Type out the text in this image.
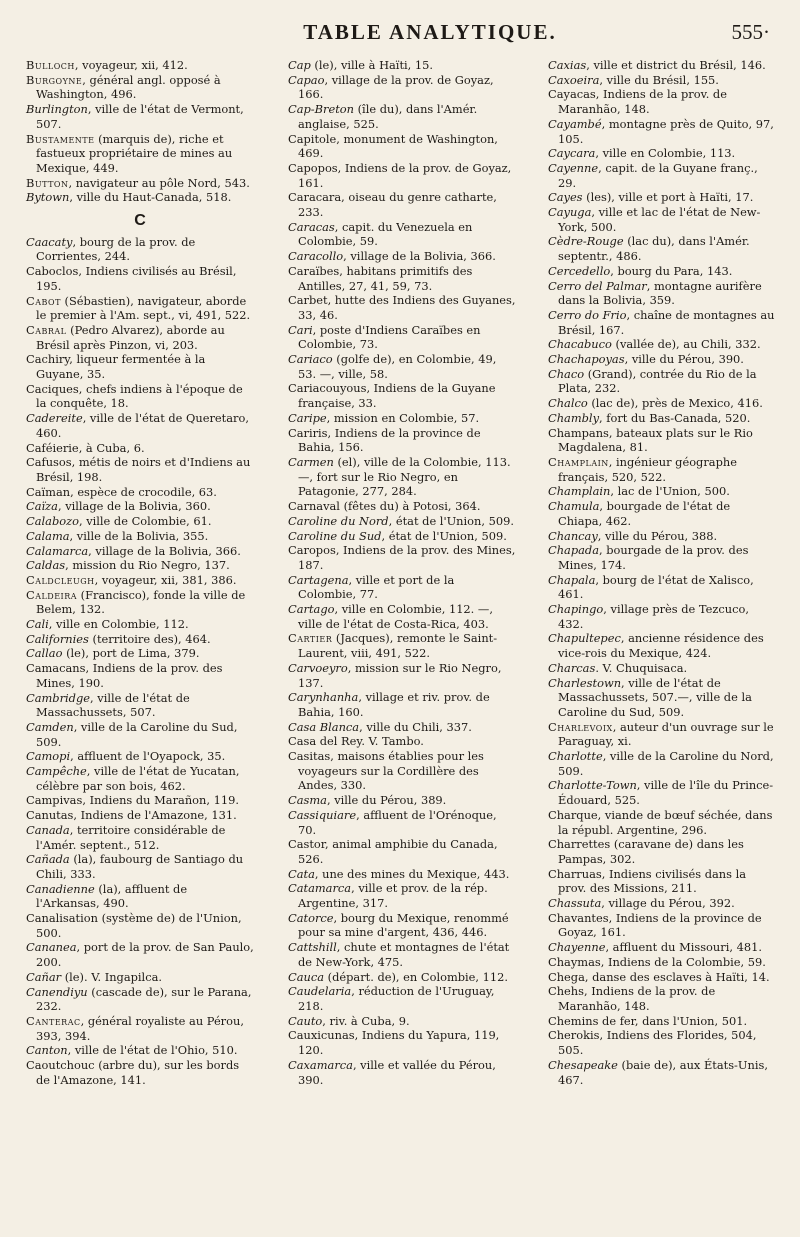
TABLE ANALYTIQUE.	555·

Bulloch, voyageur, xii, 412.

Burgoyne, général angl. opposé à Washington, 496.

Burlington, ville de l'état de Vermont, 507.

Bustamente (marquis de), riche et fastueux propriétaire de mines au Mexique, 449.

Button, navigateur au pôle Nord, 543.

Bytown, ville du Haut-Canada, 518.

C

Caacaty, bourg de la prov. de Corrientes, 244.

Caboclos, Indiens civilisés au Brésil, 195.

Cabot (Sébastien), navigateur, aborde le premier à l'Am. sept., vi, 491, 522.

Cabral (Pedro Alvarez), aborde au Brésil après Pinzon, vi, 203.

Cachiry, liqueur fermentée à la Guyane, 35.

Caciques, chefs indiens à l'époque de la conquête, 18.

Cadereite, ville de l'état de Queretaro, 460.

Caféierie, à Cuba, 6.

Cafusos, métis de noirs et d'Indiens au Brésil, 198.

Caïman, espèce de crocodile, 63.

Caïza, village de la Bolivia, 360.

Calabozo, ville de Colombie, 61.

Calama, ville de la Bolivia, 355.

Calamarca, village de la Bolivia, 366.

Caldas, mission du Rio Negro, 137.

Caldcleugh, voyageur, xii, 381, 386.

Caldeira (Francisco), fonde la ville de Belem, 132.

Cali, ville en Colombie, 112.

Californies (territoire des), 464.

Callao (le), port de Lima, 379.

Camacans, Indiens de la prov. des Mines, 190.

Cambridge, ville de l'état de Massachussets, 507.

Camden, ville de la Caroline du Sud, 509.

Camopi, affluent de l'Oyapock, 35.

Campêche, ville de l'état de Yucatan, célèbre par son bois, 462.

Campivas, Indiens du Marañon, 119.

Canutas, Indiens de l'Amazone, 131.

Canada, territoire considérable de l'Amér. septent., 512.

Cañada (la), faubourg de Santiago du Chili, 333.

Canadienne (la), affluent de l'Arkansas, 490.

Canalisation (système de) de l'Union, 500.

Cananea, port de la prov. de San Paulo, 200.

Cañar (le). V. Ingapilca.

Canendiyu (cascade de), sur le Parana, 232.

Canterac, général royaliste au Pérou, 393, 394.

Canton, ville de l'état de l'Ohio, 510.

Caoutchouc (arbre du), sur les bords de l'Amazone, 141.

Cap (le), ville à Haïti, 15.

Capao, village de la prov. de Goyaz, 166.

Cap-Breton (île du), dans l'Amér. anglaise, 525.

Capitole, monument de Washington, 469.

Capopos, Indiens de la prov. de Goyaz, 161.

Caracara, oiseau du genre catharte, 233.

Caracas, capit. du Venezuela en Colombie, 59.

Caracollo, village de la Bolivia, 366.

Caraïbes, habitans primitifs des Antilles, 27, 41, 59, 73.

Carbet, hutte des Indiens des Guyanes, 33, 46.

Cari, poste d'Indiens Caraïbes en Colombie, 73.

Cariaco (golfe de), en Colombie, 49, 53. —, ville, 58.

Cariacouyous, Indiens de la Guyane française, 33.

Caripe, mission en Colombie, 57.

Cariris, Indiens de la province de Bahia, 156.

Carmen (el), ville de la Colombie, 113. —, fort sur le Rio Negro, en Patagonie, 277, 284.

Carnaval (fêtes du) à Potosi, 364.

Caroline du Nord, état de l'Union, 509.

Caroline du Sud, état de l'Union, 509.

Caropos, Indiens de la prov. des Mines, 187.

Cartagena, ville et port de la Colombie, 77.

Cartago, ville en Colombie, 112. —, ville de l'état de Costa-Rica, 403.

Cartier (Jacques), remonte le Saint-Laurent, viii, 491, 522.

Carvoeyro, mission sur le Rio Negro, 137.

Carynhanha, village et riv. prov. de Bahia, 160.

Casa Blanca, ville du Chili, 337.

Casa del Rey. V. Tambo.

Casitas, maisons établies pour les voyageurs sur la Cordillère des Andes, 330.

Casma, ville du Pérou, 389.

Cassiquiare, affluent de l'Orénoque, 70.

Castor, animal amphibie du Canada, 526.

Cata, une des mines du Mexique, 443.

Catamarca, ville et prov. de la rép. Argentine, 317.

Catorce, bourg du Mexique, renommé pour sa mine d'argent, 436, 446.

Cattshill, chute et montagnes de l'état de New-York, 475.

Cauca (départ. de), en Colombie, 112.

Caudelaria, réduction de l'Uruguay, 218.

Cauto, riv. à Cuba, 9.

Cauxicunas, Indiens du Yapura, 119, 120.

Caxamarca, ville et vallée du Pérou, 390.

Caxias, ville et district du Brésil, 146.

Caxoeira, ville du Brésil, 155.

Cayacas, Indiens de la prov. de Maranhão, 148.

Cayambé, montagne près de Quito, 97, 105.

Caycara, ville en Colombie, 113.

Cayenne, capit. de la Guyane franç., 29.

Cayes (les), ville et port à Haïti, 17.

Cayuga, ville et lac de l'état de New-York, 500.

Cèdre-Rouge (lac du), dans l'Amér. septentr., 486.

Cercedello, bourg du Para, 143.

Cerro del Palmar, montagne aurifère dans la Bolivia, 359.

Cerro do Frio, chaîne de montagnes au Brésil, 167.

Chacabuco (vallée de), au Chili, 332.

Chachapoyas, ville du Pérou, 390.

Chaco (Grand), contrée du Rio de la Plata, 232.

Chalco (lac de), près de Mexico, 416.

Chambly, fort du Bas-Canada, 520.

Champans, bateaux plats sur le Rio Magdalena, 81.

Champlain, ingénieur géographe français, 520, 522.

Champlain, lac de l'Union, 500.

Chamula, bourgade de l'état de Chiapa, 462.

Chancay, ville du Pérou, 388.

Chapada, bourgade de la prov. des Mines, 174.

Chapala, bourg de l'état de Xalisco, 461.

Chapingo, village près de Tezcuco, 432.

Chapultepec, ancienne résidence des vice-rois du Mexique, 424.

Charcas. V. Chuquisaca.

Charlestown, ville de l'état de Massachussets, 507.—, ville de la Caroline du Sud, 509.

Charlevoix, auteur d'un ouvrage sur le Paraguay, xi.

Charlotte, ville de la Caroline du Nord, 509.

Charlotte-Town, ville de l'île du Prince-Édouard, 525.

Charque, viande de bœuf séchée, dans la républ. Argentine, 296.

Charrettes (caravane de) dans les Pampas, 302.

Charruas, Indiens civilisés dans la prov. des Missions, 211.

Chassuta, village du Pérou, 392.

Chavantes, Indiens de la province de Goyaz, 161.

Chayenne, affluent du Missouri, 481.

Chaymas, Indiens de la Colombie, 59.

Chega, danse des esclaves à Haïti, 14.

Chehs, Indiens de la prov. de Maranhão, 148.

Chemins de fer, dans l'Union, 501.

Cherokis, Indiens des Florides, 504, 505.

Chesapeake (baie de), aux États-Unis, 467.
